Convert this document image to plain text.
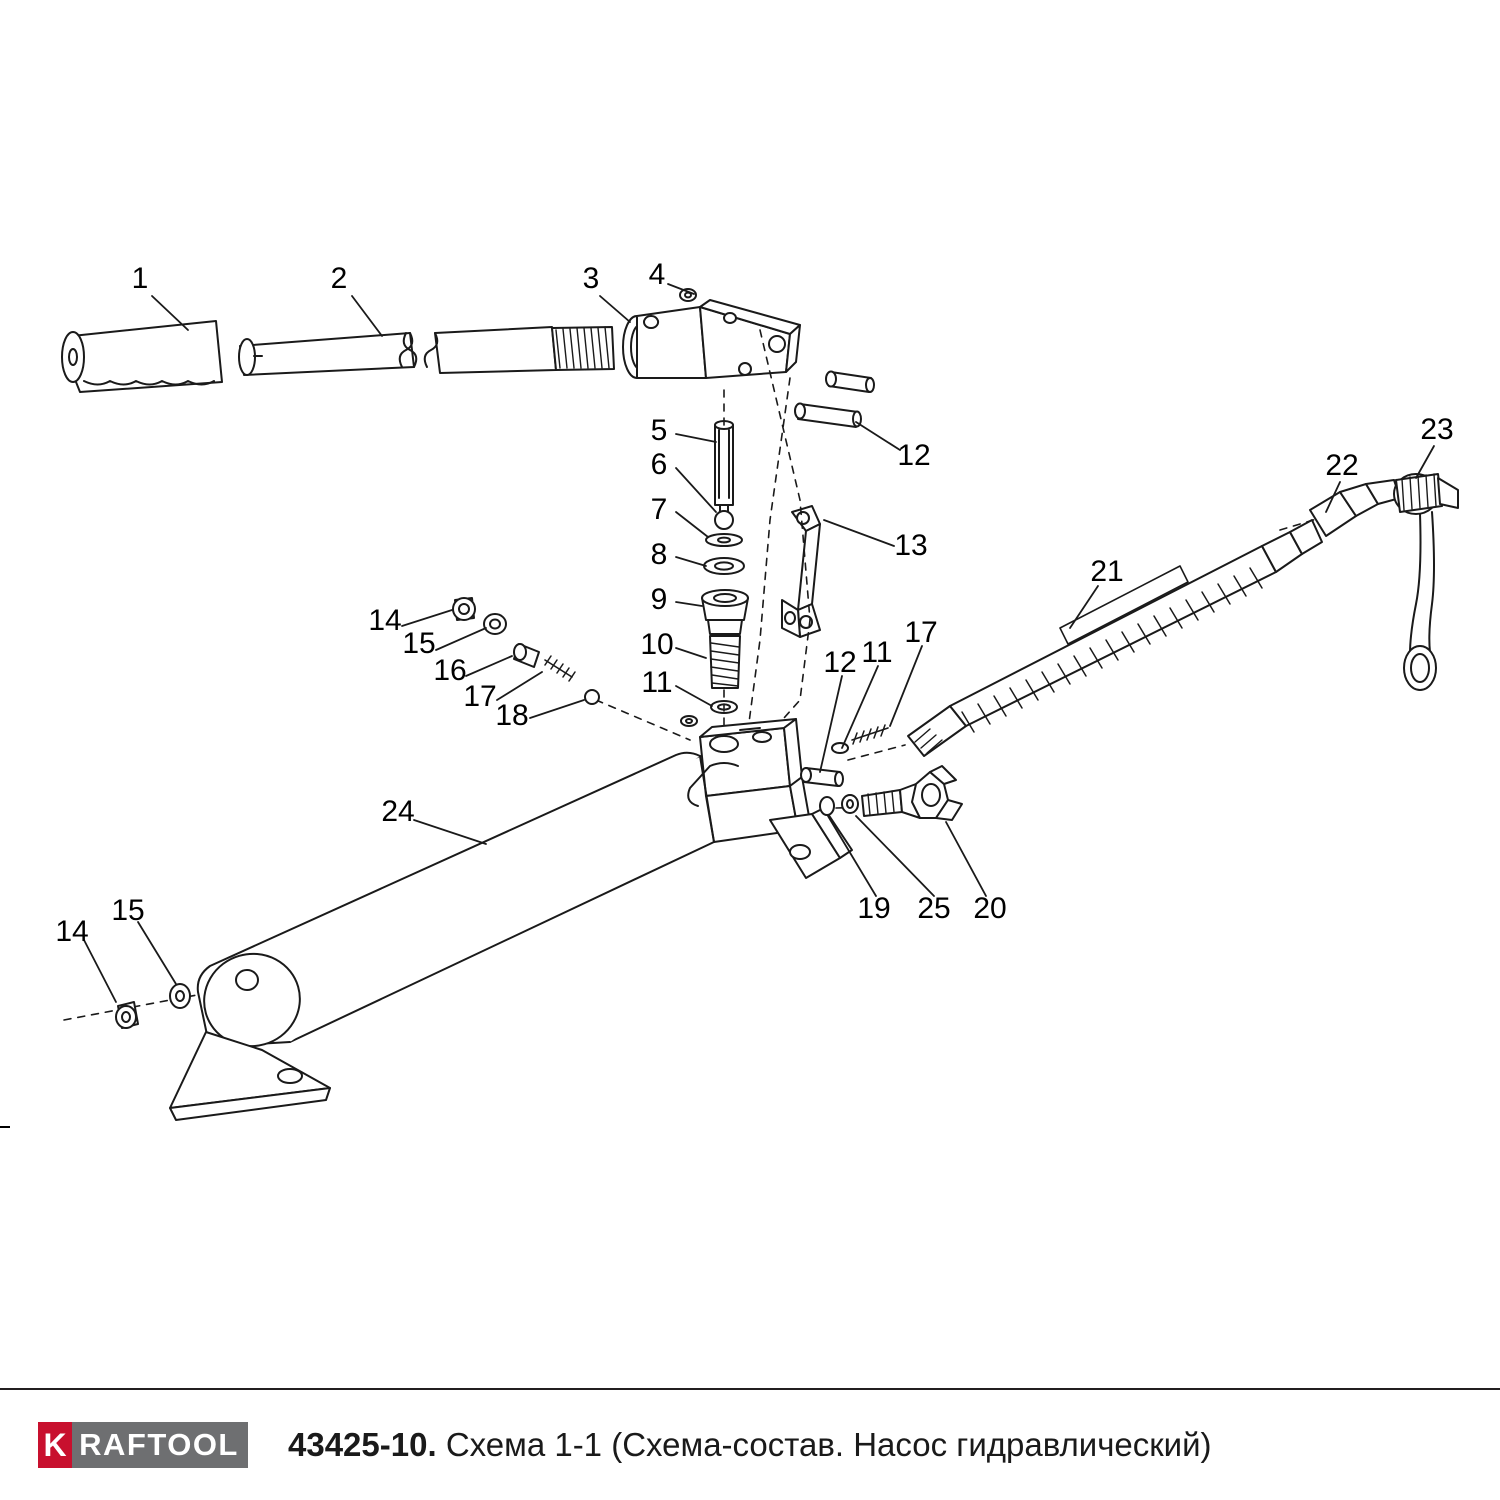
1	2	3 4
5
6
7
8
9
10
11
12
13
14
15
16
17
18
12 11
17
21
22
23
19 25 20
24
14
15
K RAFTOOL 43425-10. Схема 1-1 (Схема-состав. Насос гидравлический)
